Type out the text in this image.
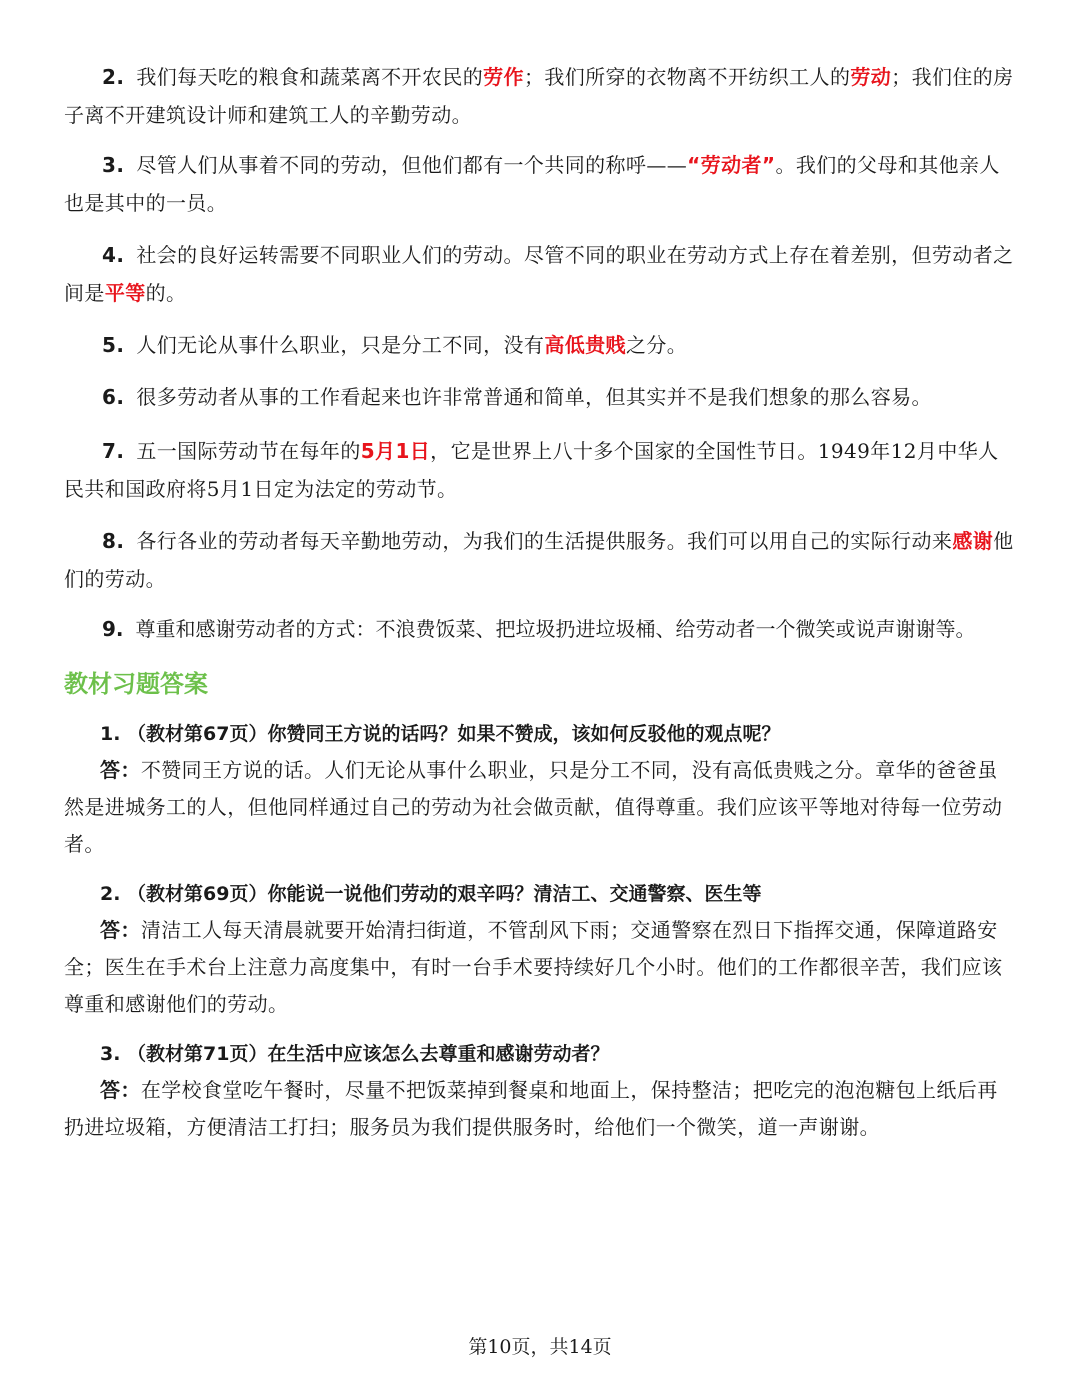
2. 我们每天吃的粮食和蔬菜离不开农民的劳作；我们所穿的衣物离不开纺织工人的劳动；我们住的房子离不开建筑设计师和建筑工人的辛勤劳动。

3. 尽管人们从事着不同的劳动，但他们都有一个共同的称呼——“劳动者”。我们的父母和其他亲人也是其中的一员。

4. 社会的良好运转需要不同职业人们的劳动。尽管不同的职业在劳动方式上存在着差别，但劳动者之间是平等的。

5. 人们无论从事什么职业，只是分工不同，没有高低贵贱之分。

6. 很多劳动者从事的工作看起来也许非常普通和简单，但其实并不是我们想象的那么容易。

7. 五一国际劳动节在每年的5月1日，它是世界上八十多个国家的全国性节日。1949年12月中华人民共和国政府将5月1日定为法定的劳动节。

8. 各行各业的劳动者每天辛勤地劳动，为我们的生活提供服务。我们可以用自己的实际行动来感谢他们的劳动。

9. 尊重和感谢劳动者的方式：不浪费饭菜、把垃圾扔进垃圾桶、给劳动者一个微笑或说声谢谢等。

教材习题答案

1. （教材第67页）你赞同王方说的话吗？如果不赞成，该如何反驳他的观点呢？

答：不赞同王方说的话。人们无论从事什么职业，只是分工不同，没有高低贵贱之分。章华的爸爸虽然是进城务工的人，但他同样通过自己的劳动为社会做贡献，值得尊重。我们应该平等地对待每一位劳动者。

2. （教材第69页）你能说一说他们劳动的艰辛吗？清洁工、交通警察、医生等

答：清洁工人每天清晨就要开始清扫街道，不管刮风下雨；交通警察在烈日下指挥交通，保障道路安全；医生在手术台上注意力高度集中，有时一台手术要持续好几个小时。他们的工作都很辛苦，我们应该尊重和感谢他们的劳动。

3. （教材第71页）在生活中应该怎么去尊重和感谢劳动者？

答：在学校食堂吃午餐时，尽量不把饭菜掉到餐桌和地面上，保持整洁；把吃完的泡泡糖包上纸后再扔进垃圾箱，方便清洁工打扫；服务员为我们提供服务时，给他们一个微笑，道一声谢谢。

第10页，共14页
